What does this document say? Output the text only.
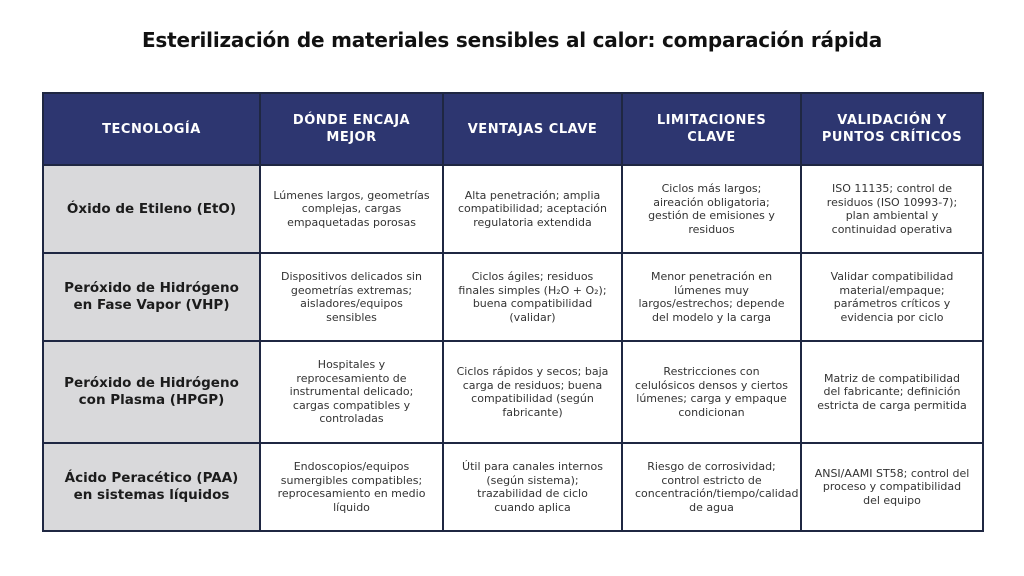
Esterilización de materiales sensibles al calor: comparación rápida
TECNOLOGÍA	DÓNDE ENCAJA MEJOR	VENTAJAS CLAVE	LIMITACIONES CLAVE	VALIDACIÓN Y PUNTOS CRÍTICOS
Óxido de Etileno (EtO)	Lúmenes largos, geometrías complejas, cargas empaquetadas porosas	Alta penetración; amplia compatibilidad; aceptación regulatoria extendida	Ciclos más largos; aireación obligatoria; gestión de emisiones y residuos	ISO 11135; control de residuos (ISO 10993-7); plan ambiental y continuidad operativa
Peróxido de Hidrógeno en Fase Vapor (VHP)	Dispositivos delicados sin geometrías extremas; aisladores/equipos sensibles	Ciclos ágiles; residuos finales simples (H₂O + O₂); buena compatibilidad (validar)	Menor penetración en lúmenes muy largos/estrechos; depende del modelo y la carga	Validar compatibilidad material/empaque; parámetros críticos y evidencia por ciclo
Peróxido de Hidrógeno con Plasma (HPGP)	Hospitales y reprocesamiento de instrumental delicado; cargas compatibles y controladas	Ciclos rápidos y secos; baja carga de residuos; buena compatibilidad (según fabricante)	Restricciones con celulósicos densos y ciertos lúmenes; carga y empaque condicionan	Matriz de compatibilidad del fabricante; definición estricta de carga permitida
Ácido Peracético (PAA) en sistemas líquidos	Endoscopios/equipos sumergibles compatibles; reprocesamiento en medio líquido	Útil para canales internos (según sistema); trazabilidad de ciclo cuando aplica	Riesgo de corrosividad; control estricto de concentración/tiempo/calidad de agua	ANSI/AAMI ST58; control del proceso y compatibilidad del equipo
